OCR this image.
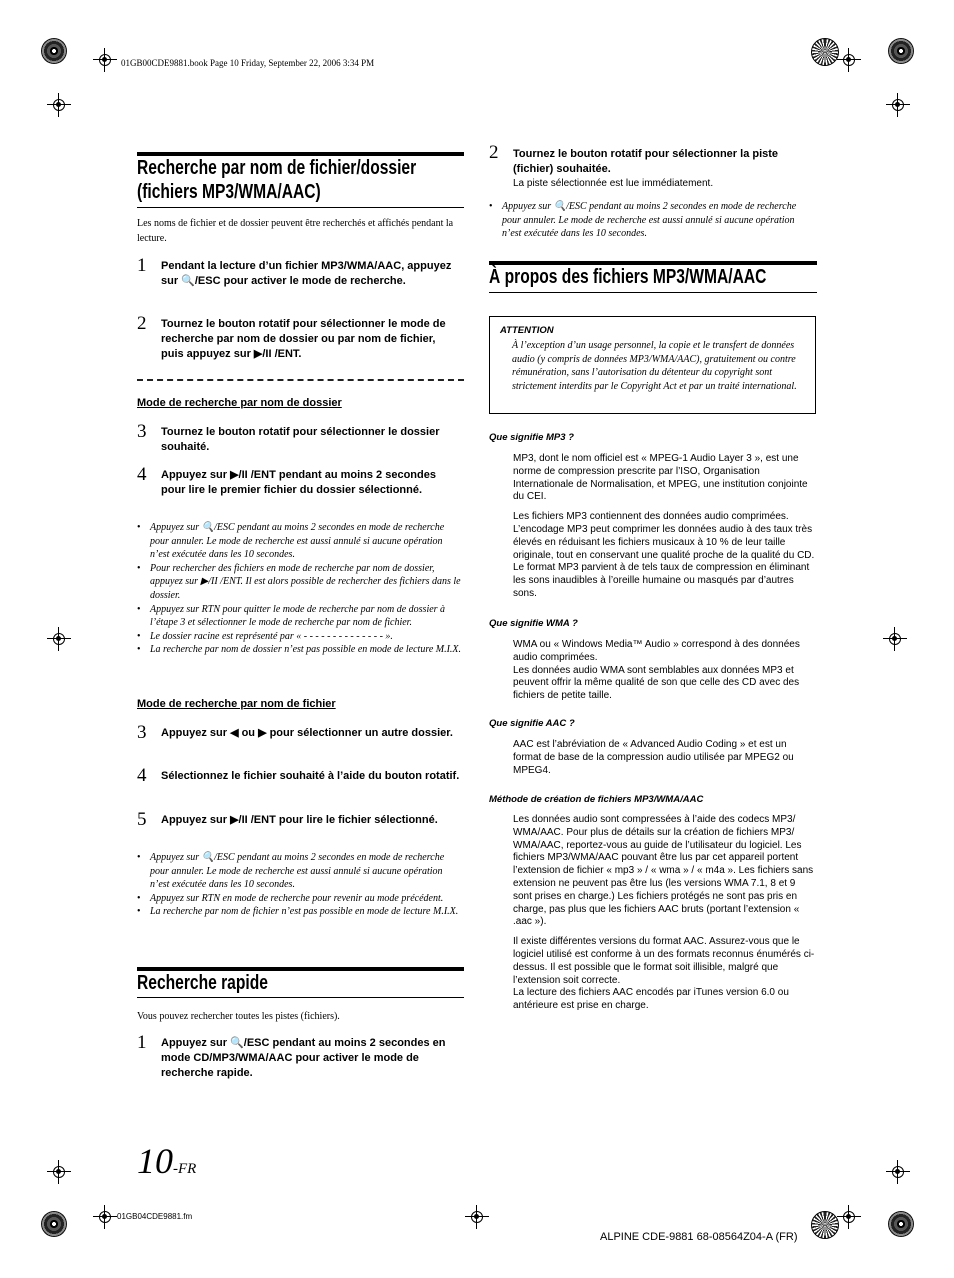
01GB00CDE9881.book Page 10 Friday, September 22, 2006 3:34 PM
Recherche par nom de fichier/dossier
(fichiers MP3/WMA/AAC)
Les noms de fichier et de dossier peuvent être recherchés et affichés pendant la lecture.
1 Pendant la lecture d’un fichier MP3/WMA/AAC, appuyez sur 🔍/ESC pour activer le mode de recherche.
2 Tournez le bouton rotatif pour sélectionner le mode de recherche par nom de dossier ou par nom de fichier, puis appuyez sur ▶/II /ENT.
Mode de recherche par nom de dossier
3 Tournez le bouton rotatif pour sélectionner le dossier souhaité.
4 Appuyez sur ▶/II /ENT pendant au moins 2 secondes pour lire le premier fichier du dossier sélectionné.
• Appuyez sur 🔍/ESC pendant au moins 2 secondes en mode de recherche pour annuler. Le mode de recherche est aussi annulé si aucune opération n’est exécutée dans les 10 secondes.
• Pour rechercher des fichiers en mode de recherche par nom de dossier, appuyez sur ▶/II /ENT. Il est alors possible de rechercher des fichiers dans le dossier.
• Appuyez sur RTN pour quitter le mode de recherche par nom de dossier à l’étape 3 et sélectionner le mode de recherche par nom de fichier.
• Le dossier racine est représenté par « - - - - - - - - - - - - - - ».
• La recherche par nom de dossier n’est pas possible en mode de lecture M.I.X.
Mode de recherche par nom de fichier
3 Appuyez sur ◀ ou ▶ pour sélectionner un autre dossier.
4 Sélectionnez le fichier souhaité à l’aide du bouton rotatif.
5 Appuyez sur ▶/II /ENT pour lire le fichier sélectionné.
• Appuyez sur 🔍/ESC pendant au moins 2 secondes en mode de recherche pour annuler. Le mode de recherche est aussi annulé si aucune opération n’est exécutée dans les 10 secondes.
• Appuyez sur RTN en mode de recherche pour revenir au mode précédent.
• La recherche par nom de fichier n’est pas possible en mode de lecture M.I.X.
Recherche rapide
Vous pouvez rechercher toutes les pistes (fichiers).
1 Appuyez sur 🔍/ESC pendant au moins 2 secondes en mode CD/MP3/WMA/AAC pour activer le mode de recherche rapide.
10-FR
01GB04CDE9881.fm
ALPINE CDE-9881 68-08564Z04-A (FR)
2 Tournez le bouton rotatif pour sélectionner la piste (fichier) souhaitée.
La piste sélectionnée est lue immédiatement.
• Appuyez sur 🔍/ESC pendant au moins 2 secondes en mode de recherche pour annuler. Le mode de recherche est aussi annulé si aucune opération n’est exécutée dans les 10 secondes.
À propos des fichiers MP3/WMA/AAC
ATTENTION
À l’exception d’un usage personnel, la copie et le transfert de données audio (y compris de données MP3/WMA/AAC), gratuitement ou contre rémunération, sans l’autorisation du détenteur du copyright sont strictement interdits par le Copyright Act et par un traité international.
Que signifie MP3 ?

MP3, dont le nom officiel est « MPEG-1 Audio Layer 3 », est une norme de compression prescrite par l’ISO, Organisation Internationale de Normalisation, et MPEG, une institution conjointe du CEI.

Les fichiers MP3 contiennent des données audio comprimées. L’encodage MP3 peut comprimer les données audio à des taux très élevés en réduisant les fichiers musicaux à 10 % de leur taille originale, tout en conservant une qualité proche de la qualité du CD. Le format MP3 parvient à de tels taux de compression en éliminant les sons inaudibles à l’oreille humaine ou masqués par d’autres sons.

Que signifie WMA ?

WMA ou « Windows Media™ Audio » correspond à des données audio comprimées.

Les données audio WMA sont semblables aux données MP3 et peuvent offrir la même qualité de son que celle des CD avec des fichiers de petite taille.

Que signifie AAC ?

AAC est l’abréviation de « Advanced Audio Coding » et est un format de base de la compression audio utilisée par MPEG2 ou MPEG4.

Méthode de création de fichiers MP3/WMA/AAC

Les données audio sont compressées à l’aide des codecs MP3/ WMA/AAC. Pour plus de détails sur la création de fichiers MP3/ WMA/AAC, reportez-vous au guide de l’utilisateur du logiciel. Les fichiers MP3/WMA/AAC pouvant être lus par cet appareil portent l’extension de fichier « mp3 » / « wma » / « m4a ». Les fichiers sans extension ne peuvent pas être lus (les versions WMA 7.1, 8 et 9 sont prises en charge.) Les fichiers protégés ne sont pas pris en charge, pas plus que les fichiers AAC bruts (portant l’extension « .aac »).

Il existe différentes versions du format AAC. Assurez-vous que le logiciel utilisé est conforme à un des formats reconnus énumérés ci-dessus. Il est possible que le format soit illisible, malgré que l’extension soit correcte.

La lecture des fichiers AAC encodés par iTunes version 6.0 ou antérieure est prise en charge.
